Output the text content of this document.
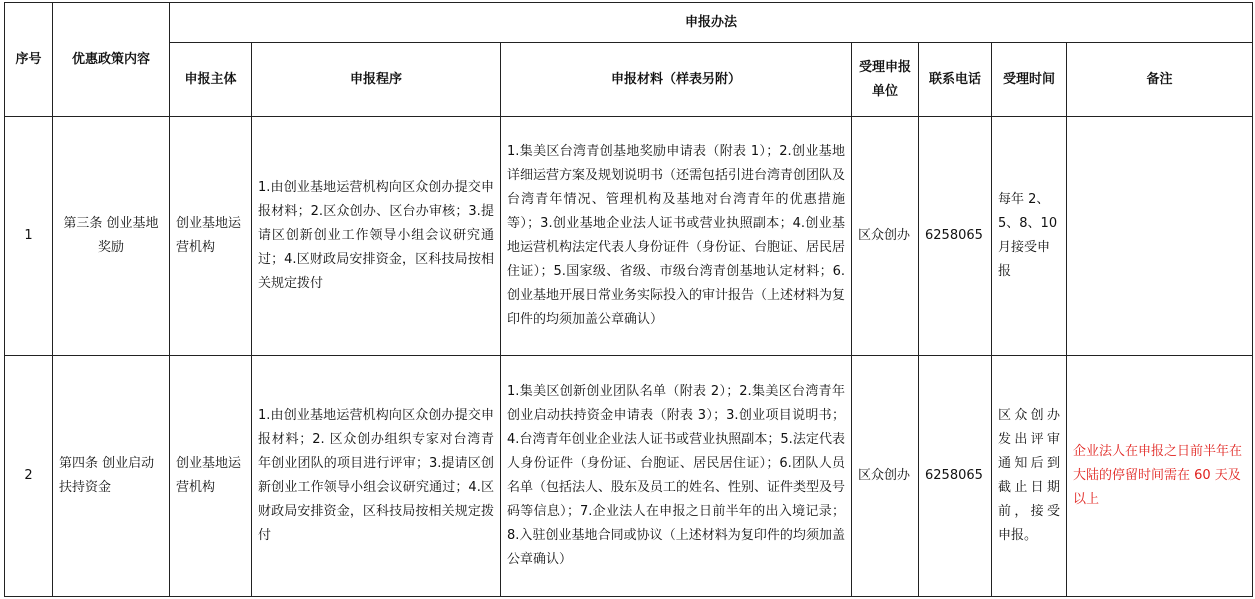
序号	优惠政策内容	申报办法						
		申报主体	申报程序	申报材料（样表另附）	受理申报单位	联系电话	受理时间	备注
1	第三条 创业基地奖励	创业基地运营机构	1.由创业基地运营机构向区众创办提交申报材料；2.区众创办、区台办审核；3.提请区创新创业工作领导小组会议研究通过；4.区财政局安排资金，区科技局按相关规定拨付	1.集美区台湾青创基地奖励申请表（附表 1）；2.创业基地详细运营方案及规划说明书（还需包括引进台湾青创团队及台湾青年情况、管理机构及基地对台湾青年的优惠措施等）；3.创业基地企业法人证书或营业执照副本；4.创业基地运营机构法定代表人身份证件（身份证、台胞证、居民居住证）；5.国家级、省级、市级台湾青创基地认定材料；6.创业基地开展日常业务实际投入的审计报告（上述材料为复印件的均须加盖公章确认）	区众创办	6258065	每年 2、5、8、10 月接受申报	
2	第四条 创业启动扶持资金	创业基地运营机构	1.由创业基地运营机构向区众创办提交申报材料；2. 区众创办组织专家对台湾青年创业团队的项目进行评审；3.提请区创新创业工作领导小组会议研究通过；4.区财政局安排资金，区科技局按相关规定拨付	1.集美区创新创业团队名单（附表 2）；2.集美区台湾青年创业启动扶持资金申请表（附表 3）；3.创业项目说明书；4.台湾青年创业企业法人证书或营业执照副本；5.法定代表人身份证件（身份证、台胞证、居民居住证）；6.团队人员名单（包括法人、股东及员工的姓名、性别、证件类型及号码等信息）；7.企业法人在申报之日前半年的出入境记录；8.入驻创业基地合同或协议（上述材料为复印件的均须加盖公章确认）	区众创办	6258065	区众创办发出评审通知后到截止日期前，接受申报。	企业法人在申报之日前半年在大陆的停留时间需在 60 天及以上
